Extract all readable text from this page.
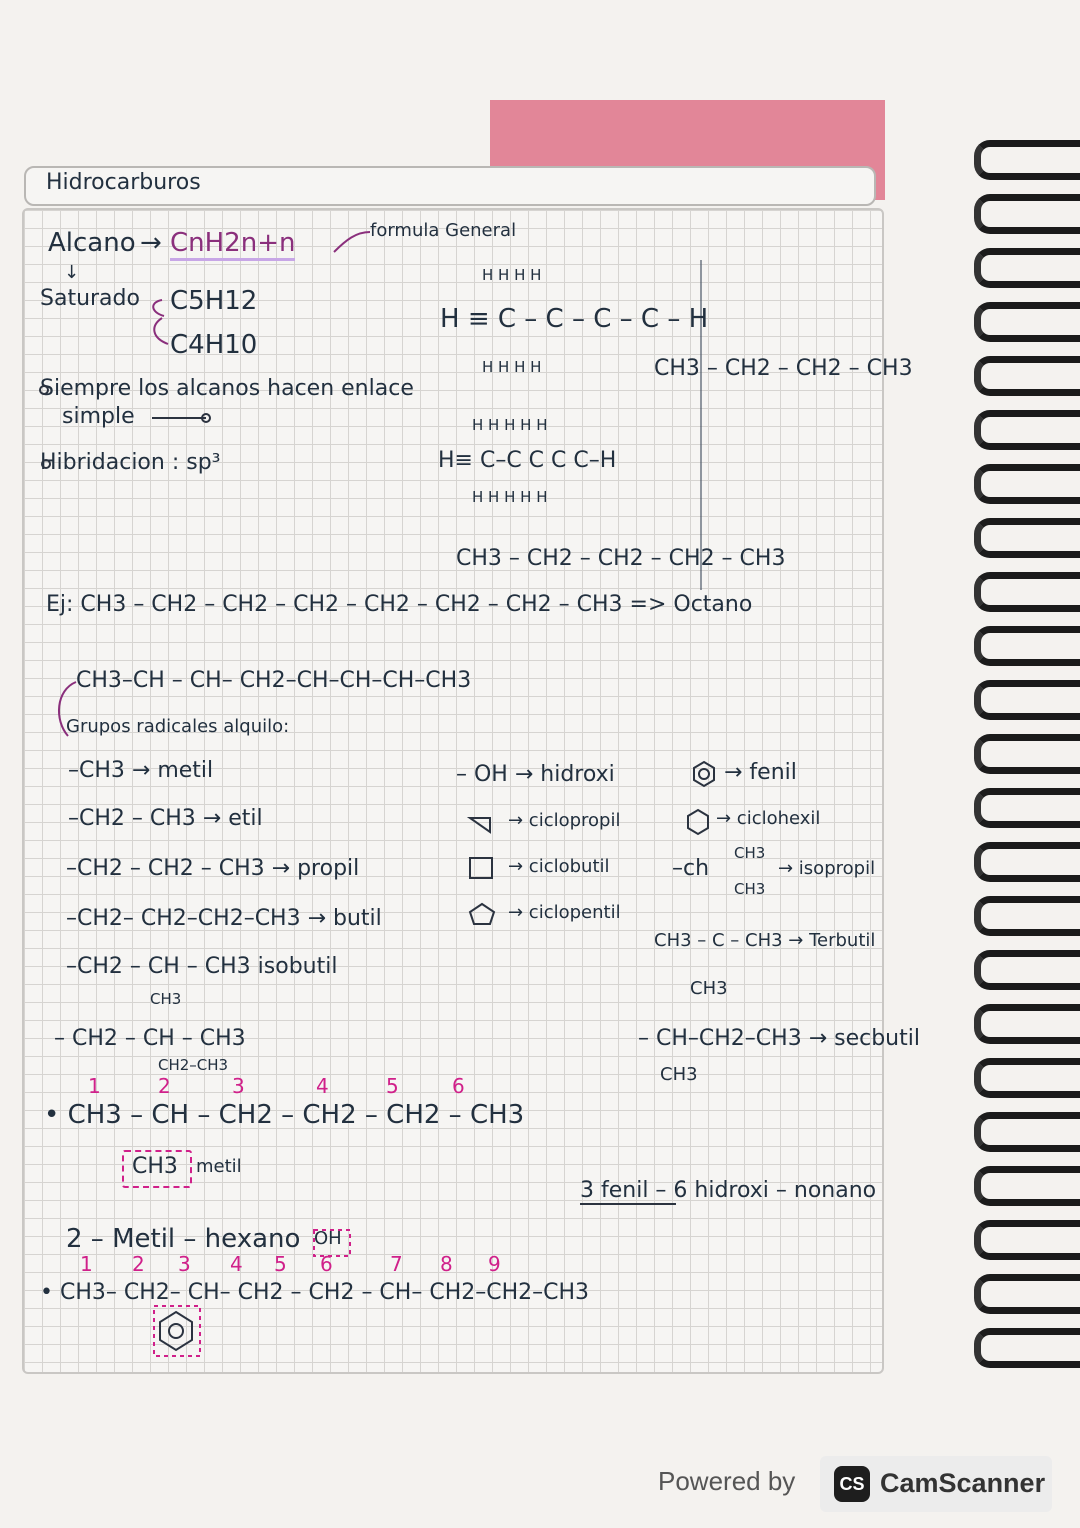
Hidrocarburos
Alcano → CnH2n+n	formula General
↓
Saturado C5H12
C4H10
Siempre los alcanos hacen enlace
simple
Hibridacion : sp³
H H H H
H ≡ C – C – C – C – H
H H H H	CH3 – CH2 – CH2 – CH3
H H H H H
H≡ C–C C C C–H
H H H H H
CH3 – CH2 – CH2 – CH2 – CH3
Ej: CH3 – CH2 – CH2 – CH2 – CH2 – CH2 – CH2 – CH3 => Octano
CH3–CH – CH– CH2–CH–CH–CH–CH3
Grupos radicales alquilo:
–CH3 → metil
–CH2 – CH3 → etil
–CH2 – CH2 – CH3 → propil
–CH2– CH2–CH2–CH3 → butil
–CH2 – CH – CH3 isobutil
CH3
– CH2 – CH – CH3
CH2–CH3
– OH → hidroxi
→ ciclopropil
→ ciclobutil
→ ciclopentil
→ fenil
→ ciclohexil
–ch
CH3
CH3
→ isopropil
CH3 – C – CH3 → Terbutil
CH3
– CH–CH2–CH3 → secbutil
CH3
1	2	3	4	5	6
• CH3 – CH – CH2 – CH2 – CH2 – CH3
CH3 metil
2 – Metil – hexano OH
1 2 3 4 5 6	7 8 9
• CH3– CH2– CH– CH2 – CH2 – CH– CH2–CH2–CH3
3 fenil – 6 hidroxi – nonano
Powered by	CS CamScanner
